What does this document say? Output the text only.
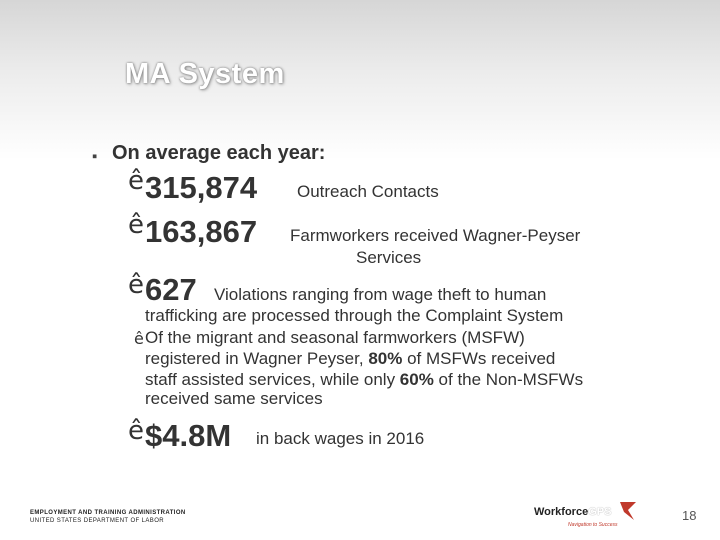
MA System
▪ On average each year:
ê 315,874 Outreach Contacts
ê 163,867 Farmworkers received Wagner-Peyser
Services
ê 627 Violations ranging from wage theft to human
trafficking are processed through the Complaint System
ê Of the migrant and seasonal farmworkers (MSFW)
registered in Wagner Peyser, 80% of MSFWs received
staff assisted services, while only 60% of the Non-MSFWs
received same services
ê $4.8M in back wages in 2016
EMPLOYMENT AND TRAINING ADMINISTRATION
UNITED STATES DEPARTMENT OF LABOR
WorkforceGPS
Navigation to Success
18
